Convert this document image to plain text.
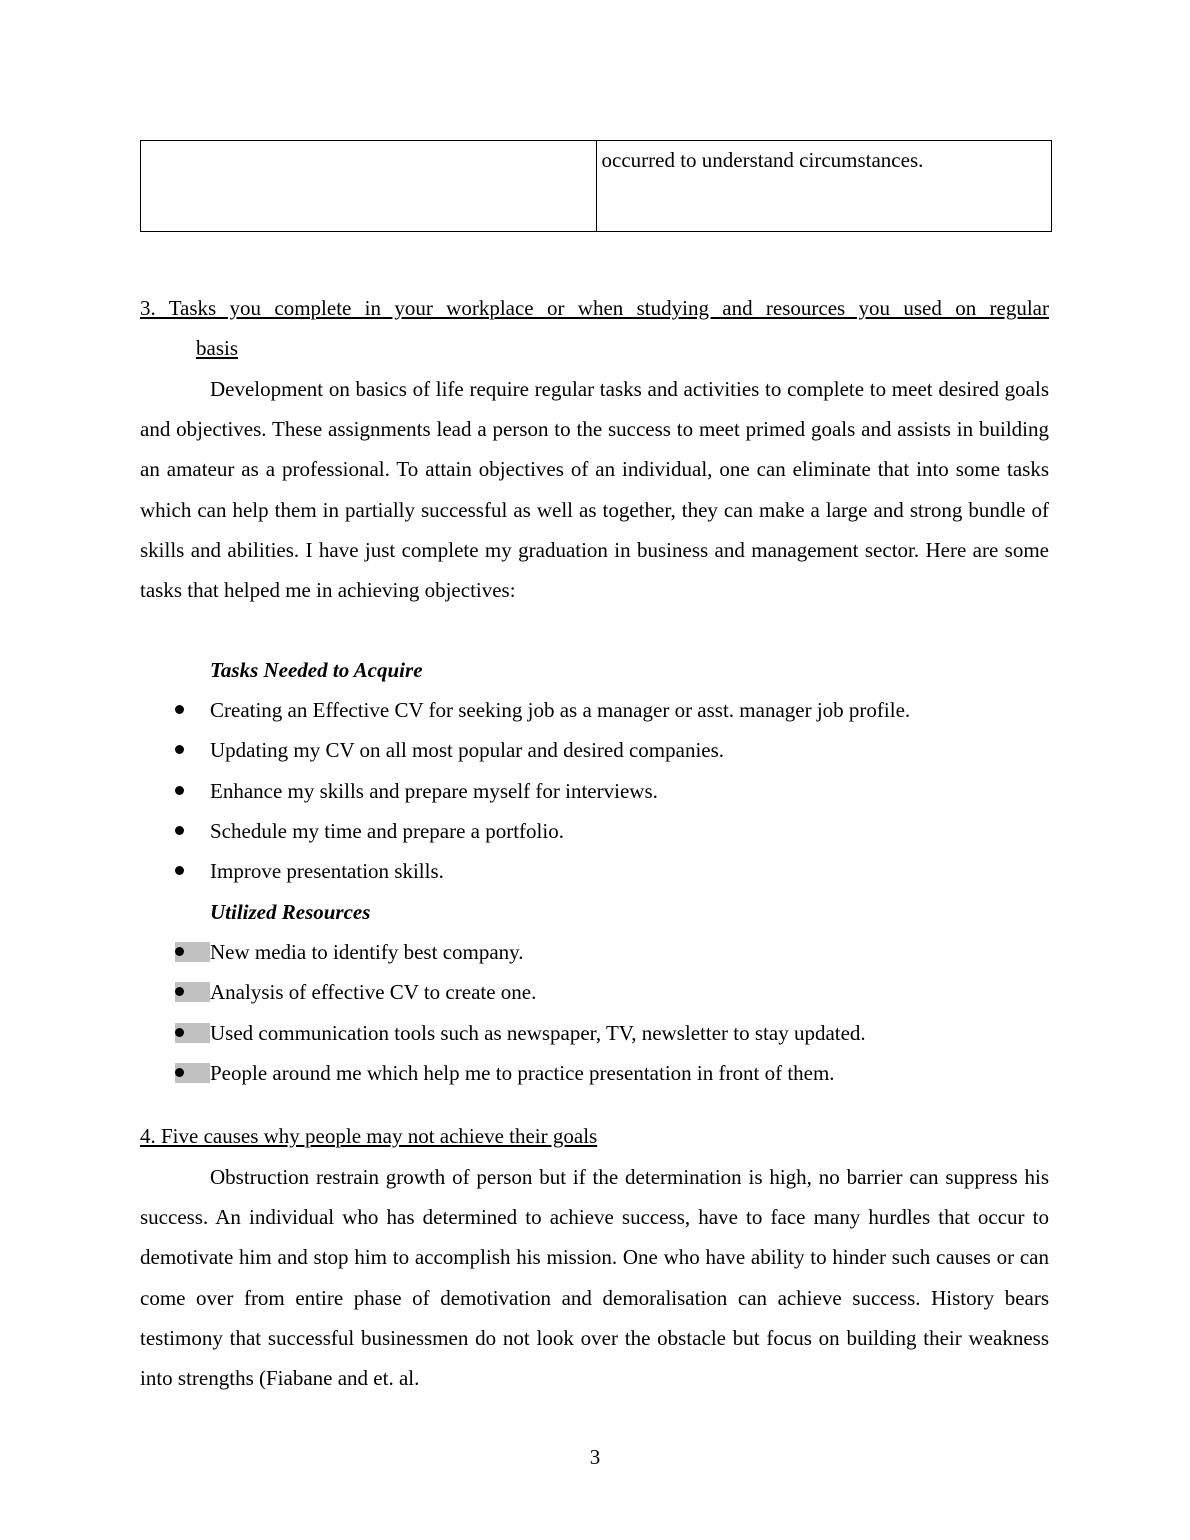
	occurred to understand circumstances.
3. Tasks you complete in your workplace or when studying and resources you used on regular
basis

Development on basics of life require regular tasks and activities to complete to meet desired goals and objectives. These assignments lead a person to the success to meet primed goals and assists in building an amateur as a professional. To attain objectives of an individual, one can eliminate that into some tasks which can help them in partially successful as well as together, they can make a large and strong bundle of skills and abilities. I have just complete my graduation in business and management sector. Here are some tasks that helped me in achieving objectives:

Tasks Needed to Acquire
Creating an Effective CV for seeking job as a manager or asst. manager job profile.
Updating my CV on all most popular and desired companies.
Enhance my skills and prepare myself for interviews.
Schedule my time and prepare a portfolio.
Improve presentation skills.
Utilized Resources
New media to identify best company.
Analysis of effective CV to create one.
Used communication tools such as newspaper, TV, newsletter to stay updated.
People around me which help me to practice presentation in front of them.
4. Five causes why people may not achieve their goals

Obstruction restrain growth of person but if the determination is high, no barrier can suppress his success. An individual who has determined to achieve success, have to face many hurdles that occur to demotivate him and stop him to accomplish his mission. One who have ability to hinder such causes or can come over from entire phase of demotivation and demoralisation can achieve success. History bears testimony that successful businessmen do not look over the obstacle but focus on building their weakness into strengths (Fiabane and et. al.

3
